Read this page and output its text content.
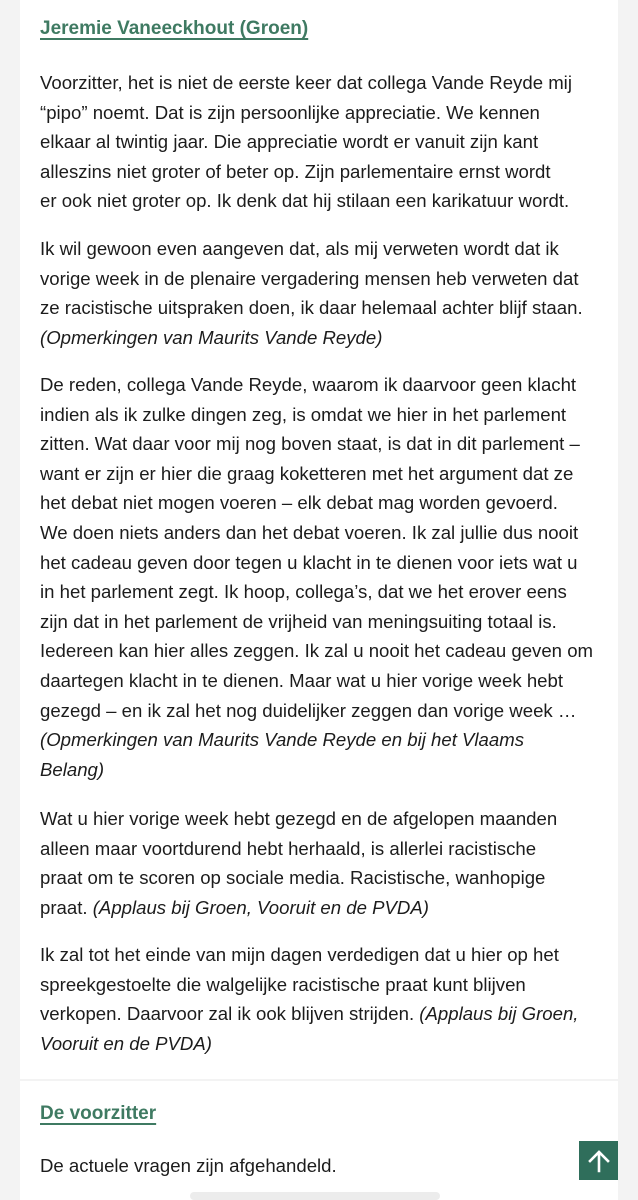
Jeremie Vaneeckhout (Groen)
Voorzitter, het is niet de eerste keer dat collega Vande Reyde mij
“pipo” noemt. Dat is zijn persoonlijke appreciatie. We kennen
elkaar al twintig jaar. Die appreciatie wordt er vanuit zijn kant
alleszins niet groter of beter op. Zijn parlementaire ernst wordt
er ook niet groter op. Ik denk dat hij stilaan een karikatuur wordt.
Ik wil gewoon even aangeven dat, als mij verweten wordt dat ik
vorige week in de plenaire vergadering mensen heb verweten dat
ze racistische uitspraken doen, ik daar helemaal achter blijf staan.
(Opmerkingen van Maurits Vande Reyde)
De reden, collega Vande Reyde, waarom ik daarvoor geen klacht
indien als ik zulke dingen zeg, is omdat we hier in het parlement
zitten. Wat daar voor mij nog boven staat, is dat in dit parlement –
want er zijn er hier die graag koketteren met het argument dat ze
het debat niet mogen voeren – elk debat mag worden gevoerd.
We doen niets anders dan het debat voeren. Ik zal jullie dus nooit
het cadeau geven door tegen u klacht in te dienen voor iets wat u
in het parlement zegt. Ik hoop, collega’s, dat we het erover eens
zijn dat in het parlement de vrijheid van meningsuiting totaal is.
Iedereen kan hier alles zeggen. Ik zal u nooit het cadeau geven om
daartegen klacht in te dienen. Maar wat u hier vorige week hebt
gezegd – en ik zal het nog duidelijker zeggen dan vorige week …
(Opmerkingen van Maurits Vande Reyde en bij het Vlaams
Belang)
Wat u hier vorige week hebt gezegd en de afgelopen maanden
alleen maar voortdurend hebt herhaald, is allerlei racistische
praat om te scoren op sociale media. Racistische, wanhopige
praat. (Applaus bij Groen, Vooruit en de PVDA)
Ik zal tot het einde van mijn dagen verdedigen dat u hier op het
spreekgestoelte die walgelijke racistische praat kunt blijven
verkopen. Daarvoor zal ik ook blijven strijden. (Applaus bij Groen,
Vooruit en de PVDA)
De voorzitter
De actuele vragen zijn afgehandeld.
